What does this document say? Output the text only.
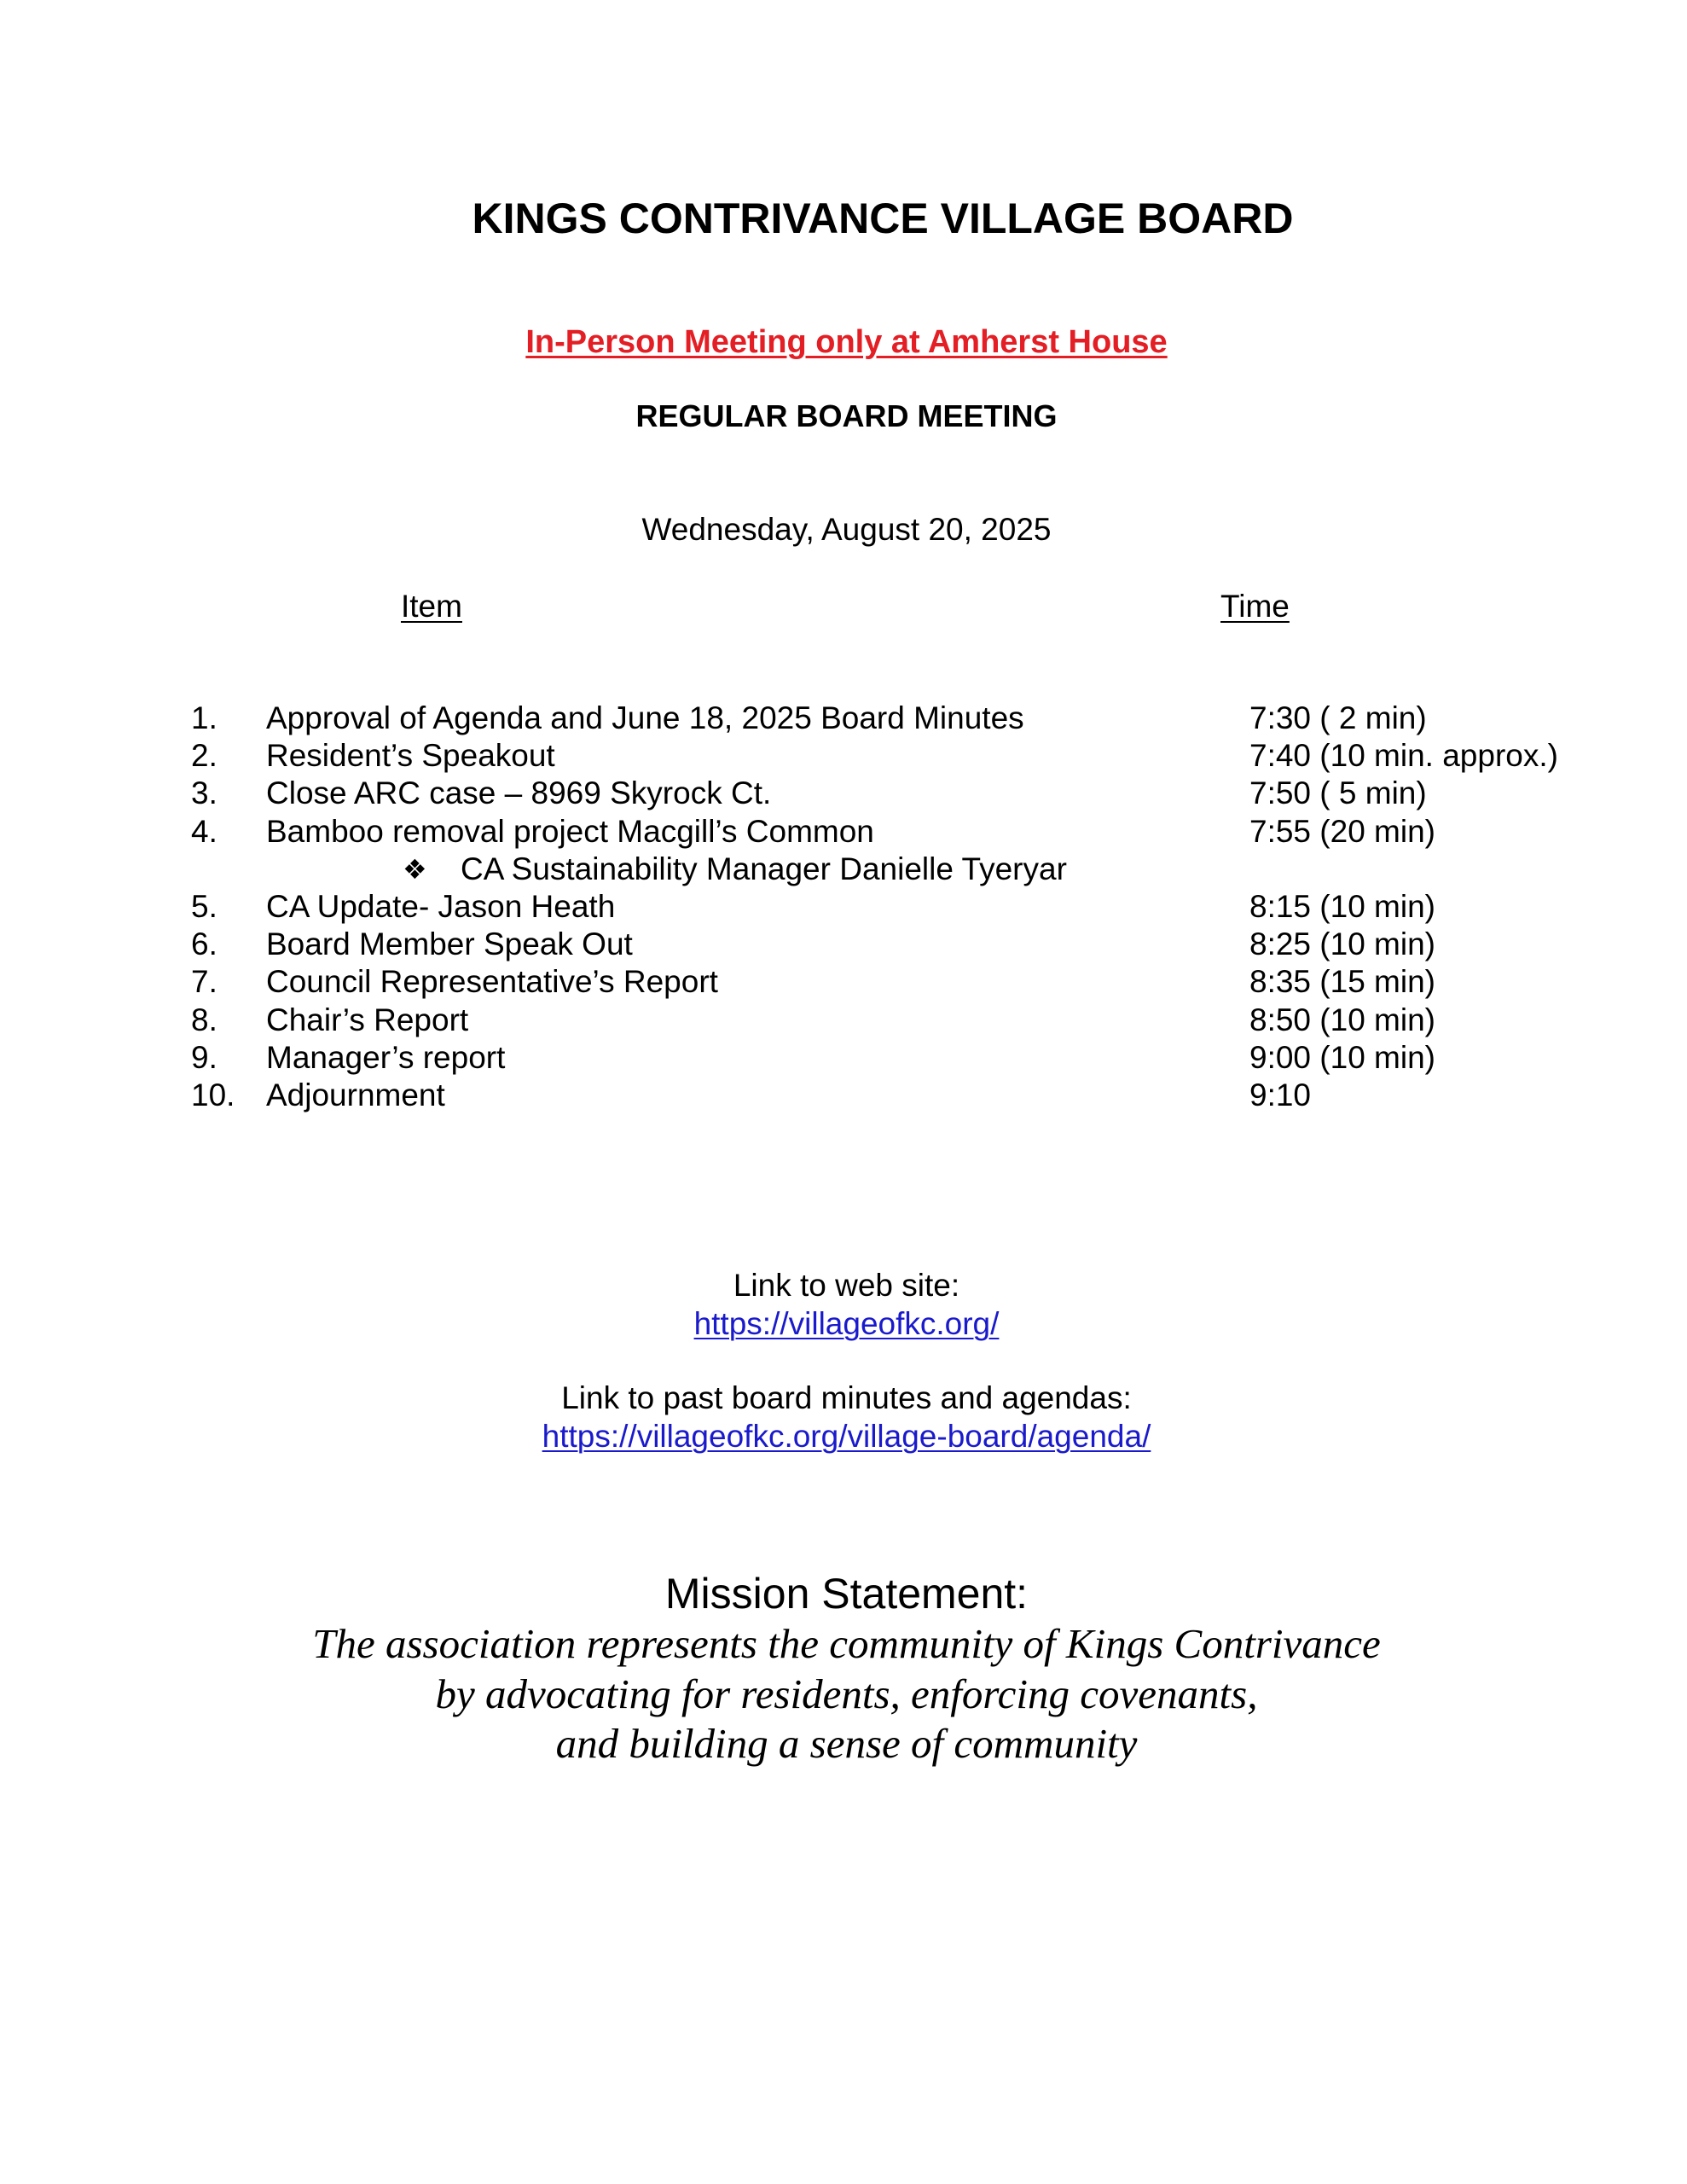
KINGS CONTRIVANCE VILLAGE BOARD
In-Person Meeting only at Amherst House
REGULAR BOARD MEETING
Wednesday, August 20, 2025
Item	Time
1. Approval of Agenda and June 18, 2025 Board Minutes	7:30 ( 2 min)
2. Resident’s Speakout	7:40 (10 min. approx.)
3. Close ARC case – 8969 Skyrock Ct.	7:50 ( 5 min)
4. Bamboo removal project Macgill’s Common	7:55 (20 min)
❖ CA Sustainability Manager Danielle Tyeryar
5. CA Update- Jason Heath	8:15 (10 min)
6. Board Member Speak Out	8:25 (10 min)
7. Council Representative’s Report	8:35 (15 min)
8. Chair’s Report	8:50 (10 min)
9. Manager’s report	9:00 (10 min)
10. Adjournment	9:10
Link to web site:
https://villageofkc.org/
Link to past board minutes and agendas:
https://villageofkc.org/village-board/agenda/
Mission Statement:
The association represents the community of Kings Contrivance
by advocating for residents, enforcing covenants,
and building a sense of community
